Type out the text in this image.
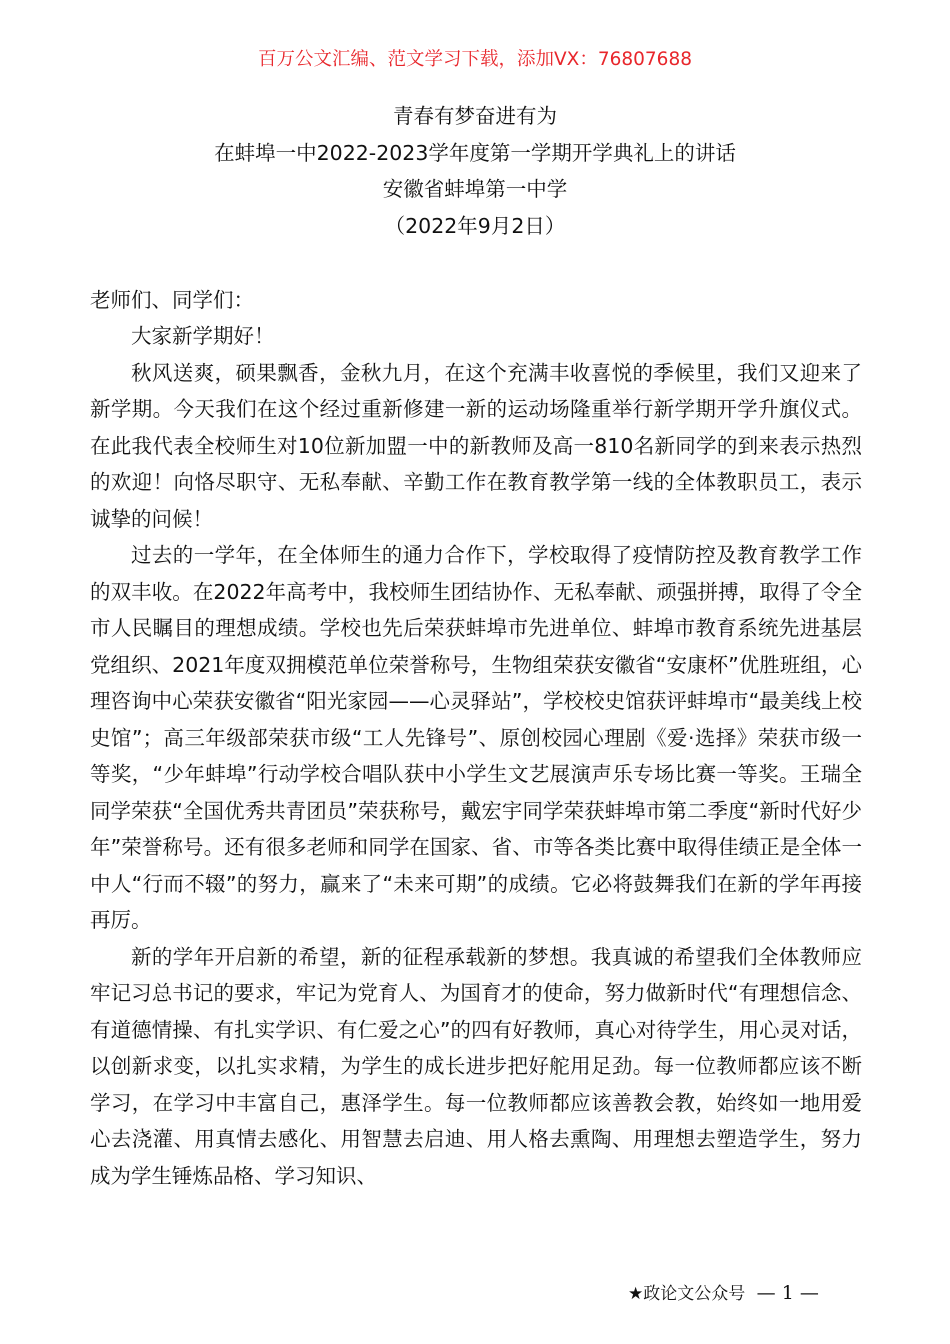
百万公文汇编、范文学习下载，添加VX：76807688
青春有梦奋进有为
在蚌埠一中2022-2023学年度第一学期开学典礼上的讲话
安徽省蚌埠第一中学
（2022年9月2日）
老师们、同学们：

大家新学期好！

秋风送爽，硕果飘香，金秋九月，在这个充满丰收喜悦的季候里，我们又迎来了新学期。今天我们在这个经过重新修建一新的运动场隆重举行新学期开学升旗仪式。在此我代表全校师生对10位新加盟一中的新教师及高一810名新同学的到来表示热烈的欢迎！向恪尽职守、无私奉献、辛勤工作在教育教学第一线的全体教职员工，表示诚挚的问候！

过去的一学年，在全体师生的通力合作下，学校取得了疫情防控及教育教学工作的双丰收。在2022年高考中，我校师生团结协作、无私奉献、顽强拼搏，取得了令全市人民瞩目的理想成绩。学校也先后荣获蚌埠市先进单位、蚌埠市教育系统先进基层党组织、2021年度双拥模范单位荣誉称号，生物组荣获安徽省“安康杯”优胜班组，心理咨询中心荣获安徽省“阳光家园——心灵驿站”，学校校史馆获评蚌埠市“最美线上校史馆”；高三年级部荣获市级“工人先锋号”、原创校园心理剧《爱·选择》荣获市级一等奖，“少年蚌埠”行动学校合唱队获中小学生文艺展演声乐专场比赛一等奖。王瑞全同学荣获“全国优秀共青团员”荣获称号，戴宏宇同学荣获蚌埠市第二季度“新时代好少年”荣誉称号。还有很多老师和同学在国家、省、市等各类比赛中取得佳绩正是全体一中人“行而不辍”的努力，赢来了“未来可期”的成绩。它必将鼓舞我们在新的学年再接再厉。

新的学年开启新的希望，新的征程承载新的梦想。我真诚的希望我们全体教师应牢记习总书记的要求，牢记为党育人、为国育才的使命，努力做新时代“有理想信念、有道德情操、有扎实学识、有仁爱之心”的四有好教师，真心对待学生，用心灵对话，以创新求变，以扎实求精，为学生的成长进步把好舵用足劲。每一位教师都应该不断学习，在学习中丰富自己，惠泽学生。每一位教师都应该善教会教，始终如一地用爱心去浇灌、用真情去感化、用智慧去启迪、用人格去熏陶、用理想去塑造学生，努力成为学生锤炼品格、学习知识、

★政论文公众号 — 1 —
